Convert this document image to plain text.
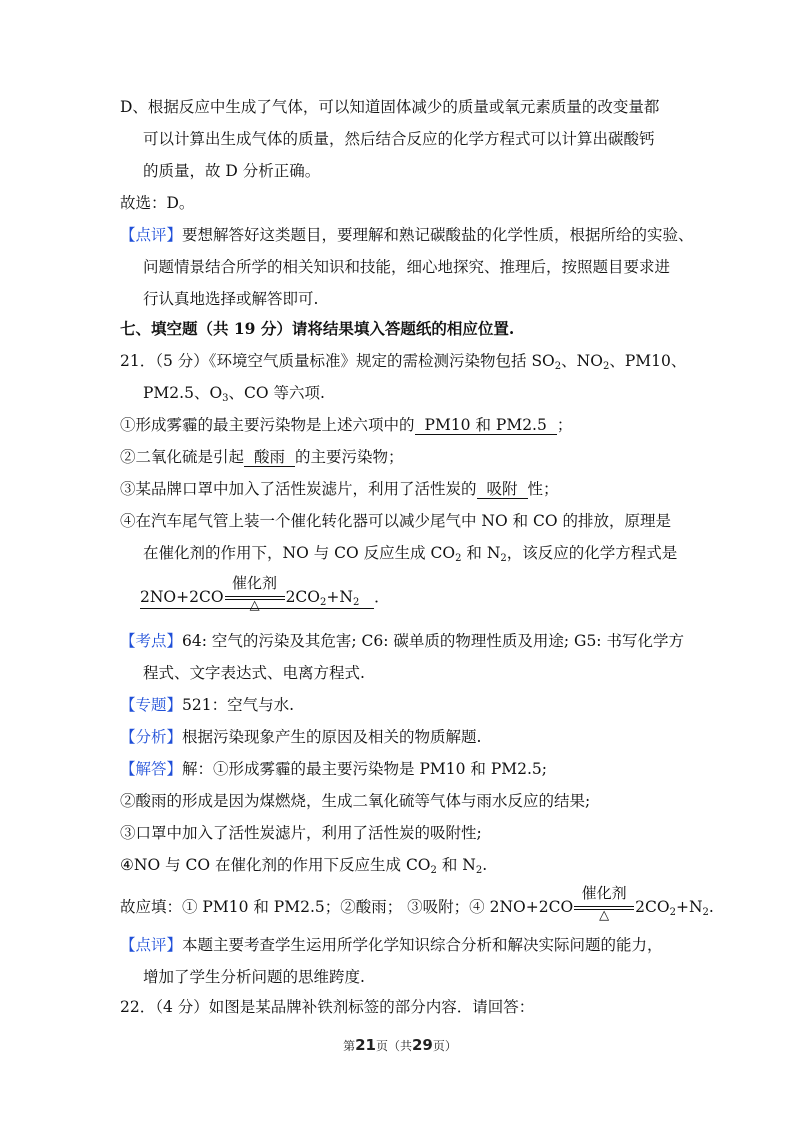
D、根据反应中生成了气体，可以知道固体减少的质量或氧元素质量的改变量都
可以计算出生成气体的质量，然后结合反应的化学方程式可以计算出碳酸钙
的质量，故 D 分析正确。
故选：D。
【点评】要想解答好这类题目，要理解和熟记碳酸盐的化学性质，根据所给的实验、
问题情景结合所学的相关知识和技能，细心地探究、推理后，按照题目要求进
行认真地选择或解答即可.
七、填空题（共 19 分）请将结果填入答题纸的相应位置.
21．（5 分）《环境空气质量标准》规定的需检测污染物包括 $SO_2$、$NO_2$、PM10、
PM2.5、$O_3$、CO 等六项.
①形成雾霾的最主要污染物是上述六项中的 PM10 和 PM2.5 ；
②二氧化硫是引起 酸雨 的主要污染物；
③某品牌口罩中加入了活性炭滤片，利用了活性炭的 吸附 性；
④在汽车尾气管上装一个催化转化器可以减少尾气中 NO 和 CO 的排放，原理是
在催化剂的作用下，NO 与 CO 反应生成 $CO_2$ 和 $N_2$，该反应的化学方程式是
2NO+2CO
催化剂
△	$2CO_2+N_2$ ．
【考点】64: 空气的污染及其危害; C6: 碳单质的物理性质及用途; G5: 书写化学方
程式、文字表达式、电离方程式.
【专题】521：空气与水.
【分析】根据污染现象产生的原因及相关的物质解题.
【解答】解：①形成雾霾的最主要污染物是 PM10 和 PM2.5;
②酸雨的形成是因为煤燃烧，生成二氧化硫等气体与雨水反应的结果;
③口罩中加入了活性炭滤片，利用了活性炭的吸附性;
④NO 与 CO 在催化剂的作用下反应生成 $CO_2$ 和 $N_2$.
故应填：① PM10 和 PM2.5；②酸雨； ③吸附；④ 2NO+2CO
催化剂
△	$2CO_2+N_2$.
【点评】本题主要考查学生运用所学化学知识综合分析和解决实际问题的能力，
增加了学生分析问题的思维跨度.
22．（4 分）如图是某品牌补铁剂标签的部分内容．请回答：
第21页（共29页）
